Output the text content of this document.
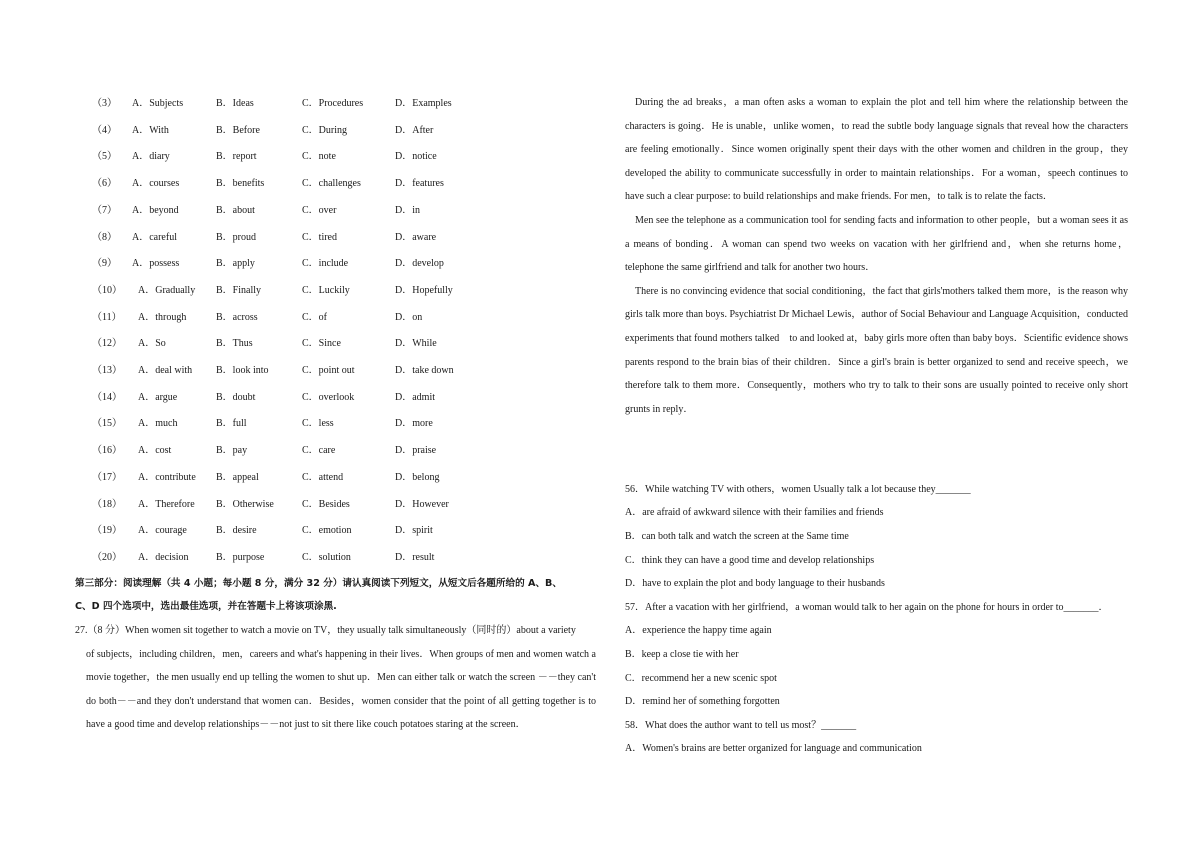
（3） A．Subjects	B．Ideas	C．Procedures	D．Examples
（4） A．With	B．Before	C．During	D．After
（5） A．diary	B．report	C．note	D．notice
（6） A．courses	B．benefits	C．challenges	D．features
（7） A．beyond	B．about	C．over	D．in
（8） A．careful	B．proud	C．tired	D．aware
（9） A．possess	B．apply	C．include	D．develop
（10） A．Gradually B．Finally	C．Luckily	D．Hopefully
（11） A．through	B．across	C．of	D．on
（12） A．So	B．Thus	C．Since	D．While
（13） A．deal with B．look into	C．point out	D．take down
（14） A．argue	B．doubt	C．overlook	D．admit
（15） A．much	B．full	C．less	D．more
（16） A．cost	B．pay	C．care	D．praise
（17） A．contribute B．appeal	C．attend	D．belong
（18） A．Therefore B．Otherwise	C．Besides	D．However
（19） A．courage	B．desire	C．emotion	D．spirit
（20） A．decision	B．purpose	C．solution	D．result
第三部分：阅读理解（共 4 小题；每小题 8 分，满分 32 分）请认真阅读下列短文，从短文后各题所给的 A、B、
C、D 四个选项中，选出最佳选项，并在答题卡上将该项涂黑.
27.（8 分）When women sit together to watch a movie on TV，they usually talk simultaneously（同时的）about a variety
of subjects，including children，men，careers and what's happening in their lives．When groups of men and women watch a movie together，the men usually end up telling the women to shut up．Men can either talk or watch the screen －－they can't do both－－and they don't understand that women can．Besides，women consider that the point of all getting together is to have a good time and develop relationships－－not just to sit there like couch potatoes staring at the screen．

During the ad breaks，a man often asks a woman to explain the plot and tell him where the relationship between the characters is going．He is unable，unlike women，to read the subtle body language signals that reveal how the characters are feeling emotionally．Since women originally spent their days with the other women and children in the group，they developed the ability to communicate successfully in order to maintain relationships．For a woman，speech continues to have such a clear purpose: to build relationships and make friends. For men，to talk is to relate the facts．

Men see the telephone as a communication tool for sending facts and information to other people，but a woman sees it as a means of bonding．A woman can spend two weeks on vacation with her girlfriend and，when she returns home，telephone the same girlfriend and talk for another two hours．

There is no convincing evidence that social conditioning，the fact that girls'mothers talked them more，is the reason why girls talk more than boys. Psychiatrist Dr Michael Lewis，author of Social Behaviour and Language Acquisition，conducted experiments that found mothers talked　to and looked at，baby girls more often than baby boys．Scientific evidence shows parents respond to the brain bias of their children．Since a girl's brain is better organized to send and receive speech，we therefore talk to them more．Consequently，mothers who try to talk to their sons are usually pointed to receive only short grunts in reply．

56．While watching TV with others，women Usually talk a lot because they_______
A．are afraid of awkward silence with their families and friends
B．can both talk and watch the screen at the Same time
C．think they can have a good time and develop relationships
D．have to explain the plot and body language to their husbands
57．After a vacation with her girlfriend，a woman would talk to her again on the phone for hours in order to_______．
A．experience the happy time again
B．keep a close tie with her
C．recommend her a new scenic spot
D．remind her of something forgotten
58．What does the author want to tell us most？_______
A．Women's brains are better organized for language and communication
